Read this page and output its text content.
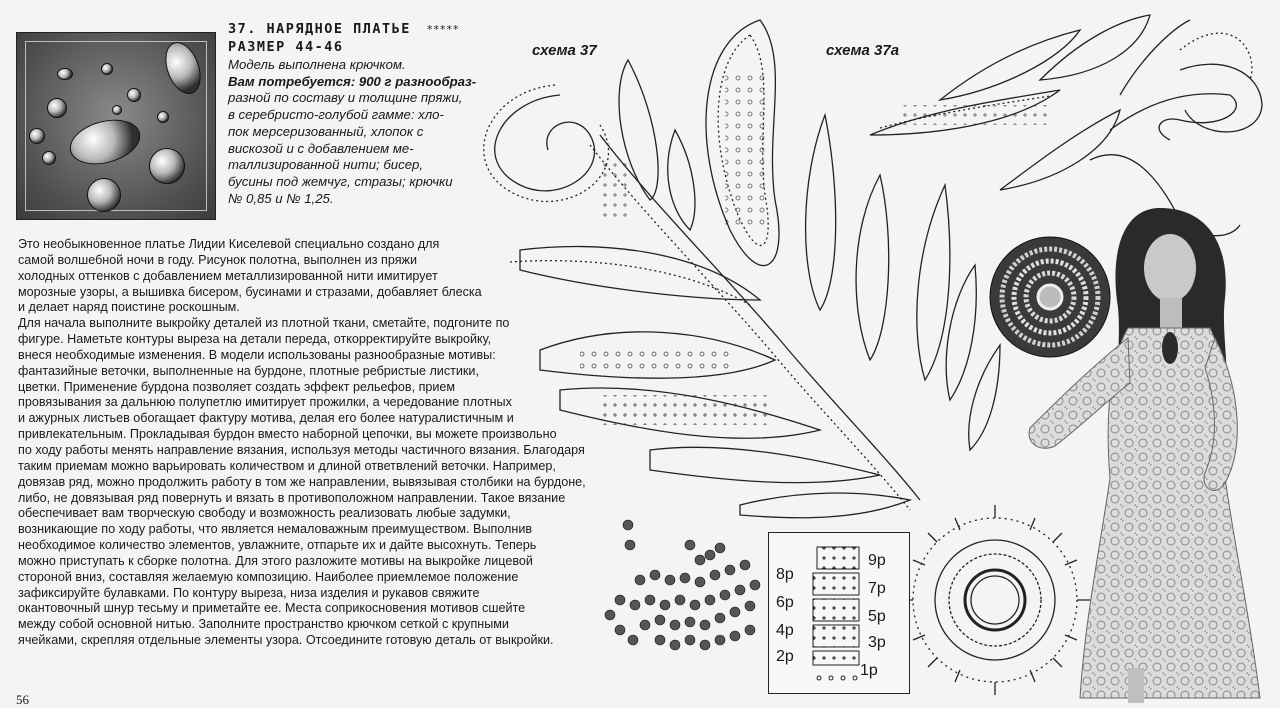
37. НАРЯДНОЕ ПЛАТЬЕ *****
РАЗМЕР 44-46
Модель выполнена крючком.
Вам потребуется: 900 г разнообраз-
разной по составу и толщине пряжи,
в серебристо-голубой гамме: хло-
пок мерсеризованный, хлопок с
вискозой и с добавлением ме-
таллизированной нити; бисер,
бусины под жемчуг, стразы; крючки
№ 0,85 и № 1,25.
Это необыкновенное платье Лидии Киселевой специально создано для
самой волшебной ночи в году. Рисунок полотна, выполнен из пряжи
холодных оттенков с добавлением металлизированной нити имитирует
морозные узоры, а вышивка бисером, бусинами и стразами, добавляет блеска
и делает наряд поистине роскошным.
Для начала выполните выкройку деталей из плотной ткани, сметайте, подгоните по
фигуре. Наметьте контуры выреза на детали переда, откорректируйте выкройку,
внеся необходимые изменения. В модели использованы разнообразные мотивы:
фантазийные веточки, выполненные на бурдоне, плотные ребристые листики,
цветки. Применение бурдона позволяет создать эффект рельефов, прием
провязывания за дальнюю полупетлю имитирует прожилки, а чередование плотных
и ажурных листьев обогащает фактуру мотива, делая его более натуралистичным и
привлекательным. Прокладывая бурдон вместо наборной цепочки, вы можете произвольно
по ходу работы менять направление вязания, используя методы частичного вязания. Благодаря
таким приемам можно варьировать количеством и длиной ответвлений веточки. Например,
довязав ряд, можно продолжить работу в том же направлении, вывязывая столбики на бурдоне,
либо, не довязывая ряд повернуть и вязать в противоположном направлении. Такое вязание
обеспечивает вам творческую свободу и возможность реализовать любые задумки,
возникающие по ходу работы, что является немаловажным преимуществом. Выполнив
необходимое количество элементов, увлажните, отпарьте их и дайте высохнуть. Теперь
можно приступать к сборке полотна. Для этого разложите мотивы на выкройке лицевой
стороной вниз, составляя желаемую композицию. Наиболее приемлемое положение
зафиксируйте булавками. По контуру выреза, низа изделия и рукавов свяжите
окантовочный шнур тесьму и приметайте ее. Места соприкосновения мотивов сшейте
между собой основной нитью. Заполните пространство крючком сеткой с крупными
ячейками, скрепляя отдельные элементы узора. Отсоедините готовую деталь от выкройки.
56
схема 37	схема 37а
8р
6р
4р
2р
9р
7р
5р
3р
1р
